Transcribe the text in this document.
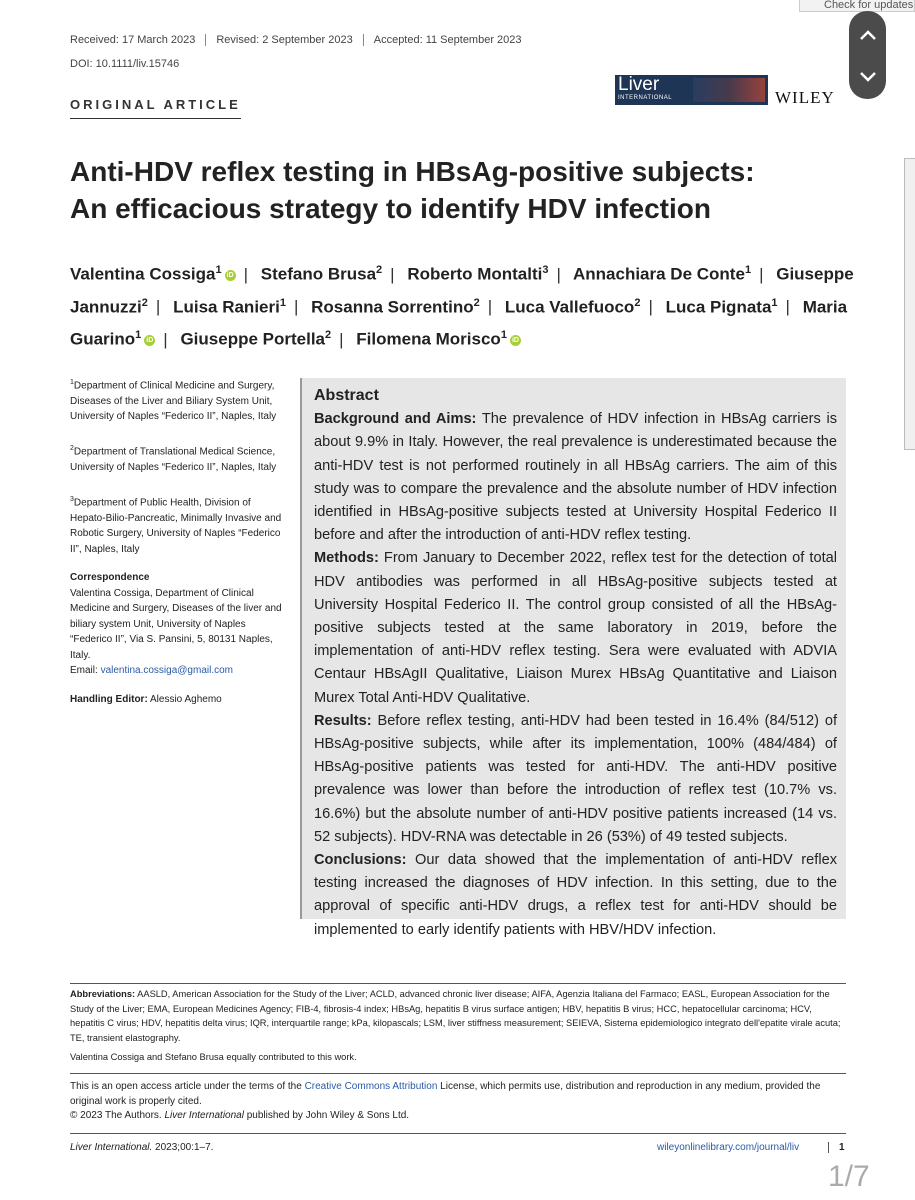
Check for updates
Received: 17 March 2023	Revised: 2 September 2023	Accepted: 11 September 2023
DOI: 10.1111/liv.15746
ORIGINAL ARTICLE
Liver
INTERNATIONAL	WILEY
Anti-HDV reflex testing in HBsAg-positive subjects: An efficacious strategy to identify HDV infection
Valentina Cossiga$^1$ iD | Stefano Brusa$^2$ | Roberto Montalti$^3$ | Annachiara De Conte$^1$ | Giuseppe Jannuzzi$^2$ | Luisa Ranieri$^1$ | Rosanna Sorrentino$^2$ | Luca Vallefuoco$^2$ | Luca Pignata$^1$ | Maria Guarino$^1$ iD | Giuseppe Portella$^2$ | Filomena Morisco$^1$ iD
$^1$Department of Clinical Medicine and Surgery, Diseases of the Liver and Biliary System Unit, University of Naples “Federico II”, Naples, Italy
$^2$Department of Translational Medical Science, University of Naples “Federico II”, Naples, Italy
$^3$Department of Public Health, Division of Hepato-Bilio-Pancreatic, Minimally Invasive and Robotic Surgery, University of Naples “Federico II”, Naples, Italy
Correspondence
Valentina Cossiga, Department of Clinical Medicine and Surgery, Diseases of the liver and biliary system Unit, University of Naples “Federico II”, Via S. Pansini, 5, 80131 Naples, Italy.
Email: valentina.cossiga@gmail.com
Handling Editor: Alessio Aghemo
Abstract
Background and Aims: The prevalence of HDV infection in HBsAg carriers is about 9.9% in Italy. However, the real prevalence is underestimated because the anti-HDV test is not performed routinely in all HBsAg carriers. The aim of this study was to compare the prevalence and the absolute number of HDV infection identified in HBsAg-positive subjects tested at University Hospital Federico II before and after the introduction of anti-HDV reflex testing.
Methods: From January to December 2022, reflex test for the detection of total HDV antibodies was performed in all HBsAg-positive subjects tested at University Hospital Federico II. The control group consisted of all the HBsAg-positive subjects tested at the same laboratory in 2019, before the implementation of anti-HDV reflex testing. Sera were evaluated with ADVIA Centaur HBsAgII Qualitative, Liaison Murex HBsAg Quantitative and Liaison Murex Total Anti-HDV Qualitative.
Results: Before reflex testing, anti-HDV had been tested in 16.4% (84/512) of HBsAg-positive subjects, while after its implementation, 100% (484/484) of HBsAg-positive patients was tested for anti-HDV. The anti-HDV positive prevalence was lower than before the introduction of reflex test (10.7% vs. 16.6%) but the absolute number of anti-HDV positive patients increased (14 vs. 52 subjects). HDV-RNA was detectable in 26 (53%) of 49 tested subjects.
Conclusions: Our data showed that the implementation of anti-HDV reflex testing increased the diagnoses of HDV infection. In this setting, due to the approval of specific anti-HDV drugs, a reflex test for anti-HDV should be implemented to early identify patients with HBV/HDV infection.
Abbreviations: AASLD, American Association for the Study of the Liver; ACLD, advanced chronic liver disease; AIFA, Agenzia Italiana del Farmaco; EASL, European Association for the Study of the Liver; EMA, European Medicines Agency; FIB-4, fibrosis-4 index; HBsAg, hepatitis B virus surface antigen; HBV, hepatitis B virus; HCC, hepatocellular carcinoma; HCV, hepatitis C virus; HDV, hepatitis delta virus; IQR, interquartile range; kPa, kilopascals; LSM, liver stiffness measurement; SEIEVA, Sistema epidemiologico integrato dell'epatite virale acuta; TE, transient elastography.
Valentina Cossiga and Stefano Brusa equally contributed to this work.
This is an open access article under the terms of the Creative Commons Attribution License, which permits use, distribution and reproduction in any medium, provided the original work is properly cited.
© 2023 The Authors. Liver International published by John Wiley & Sons Ltd.
Liver International. 2023;00:1–7.	wileyonlinelibrary.com/journal/liv	1
1/7
